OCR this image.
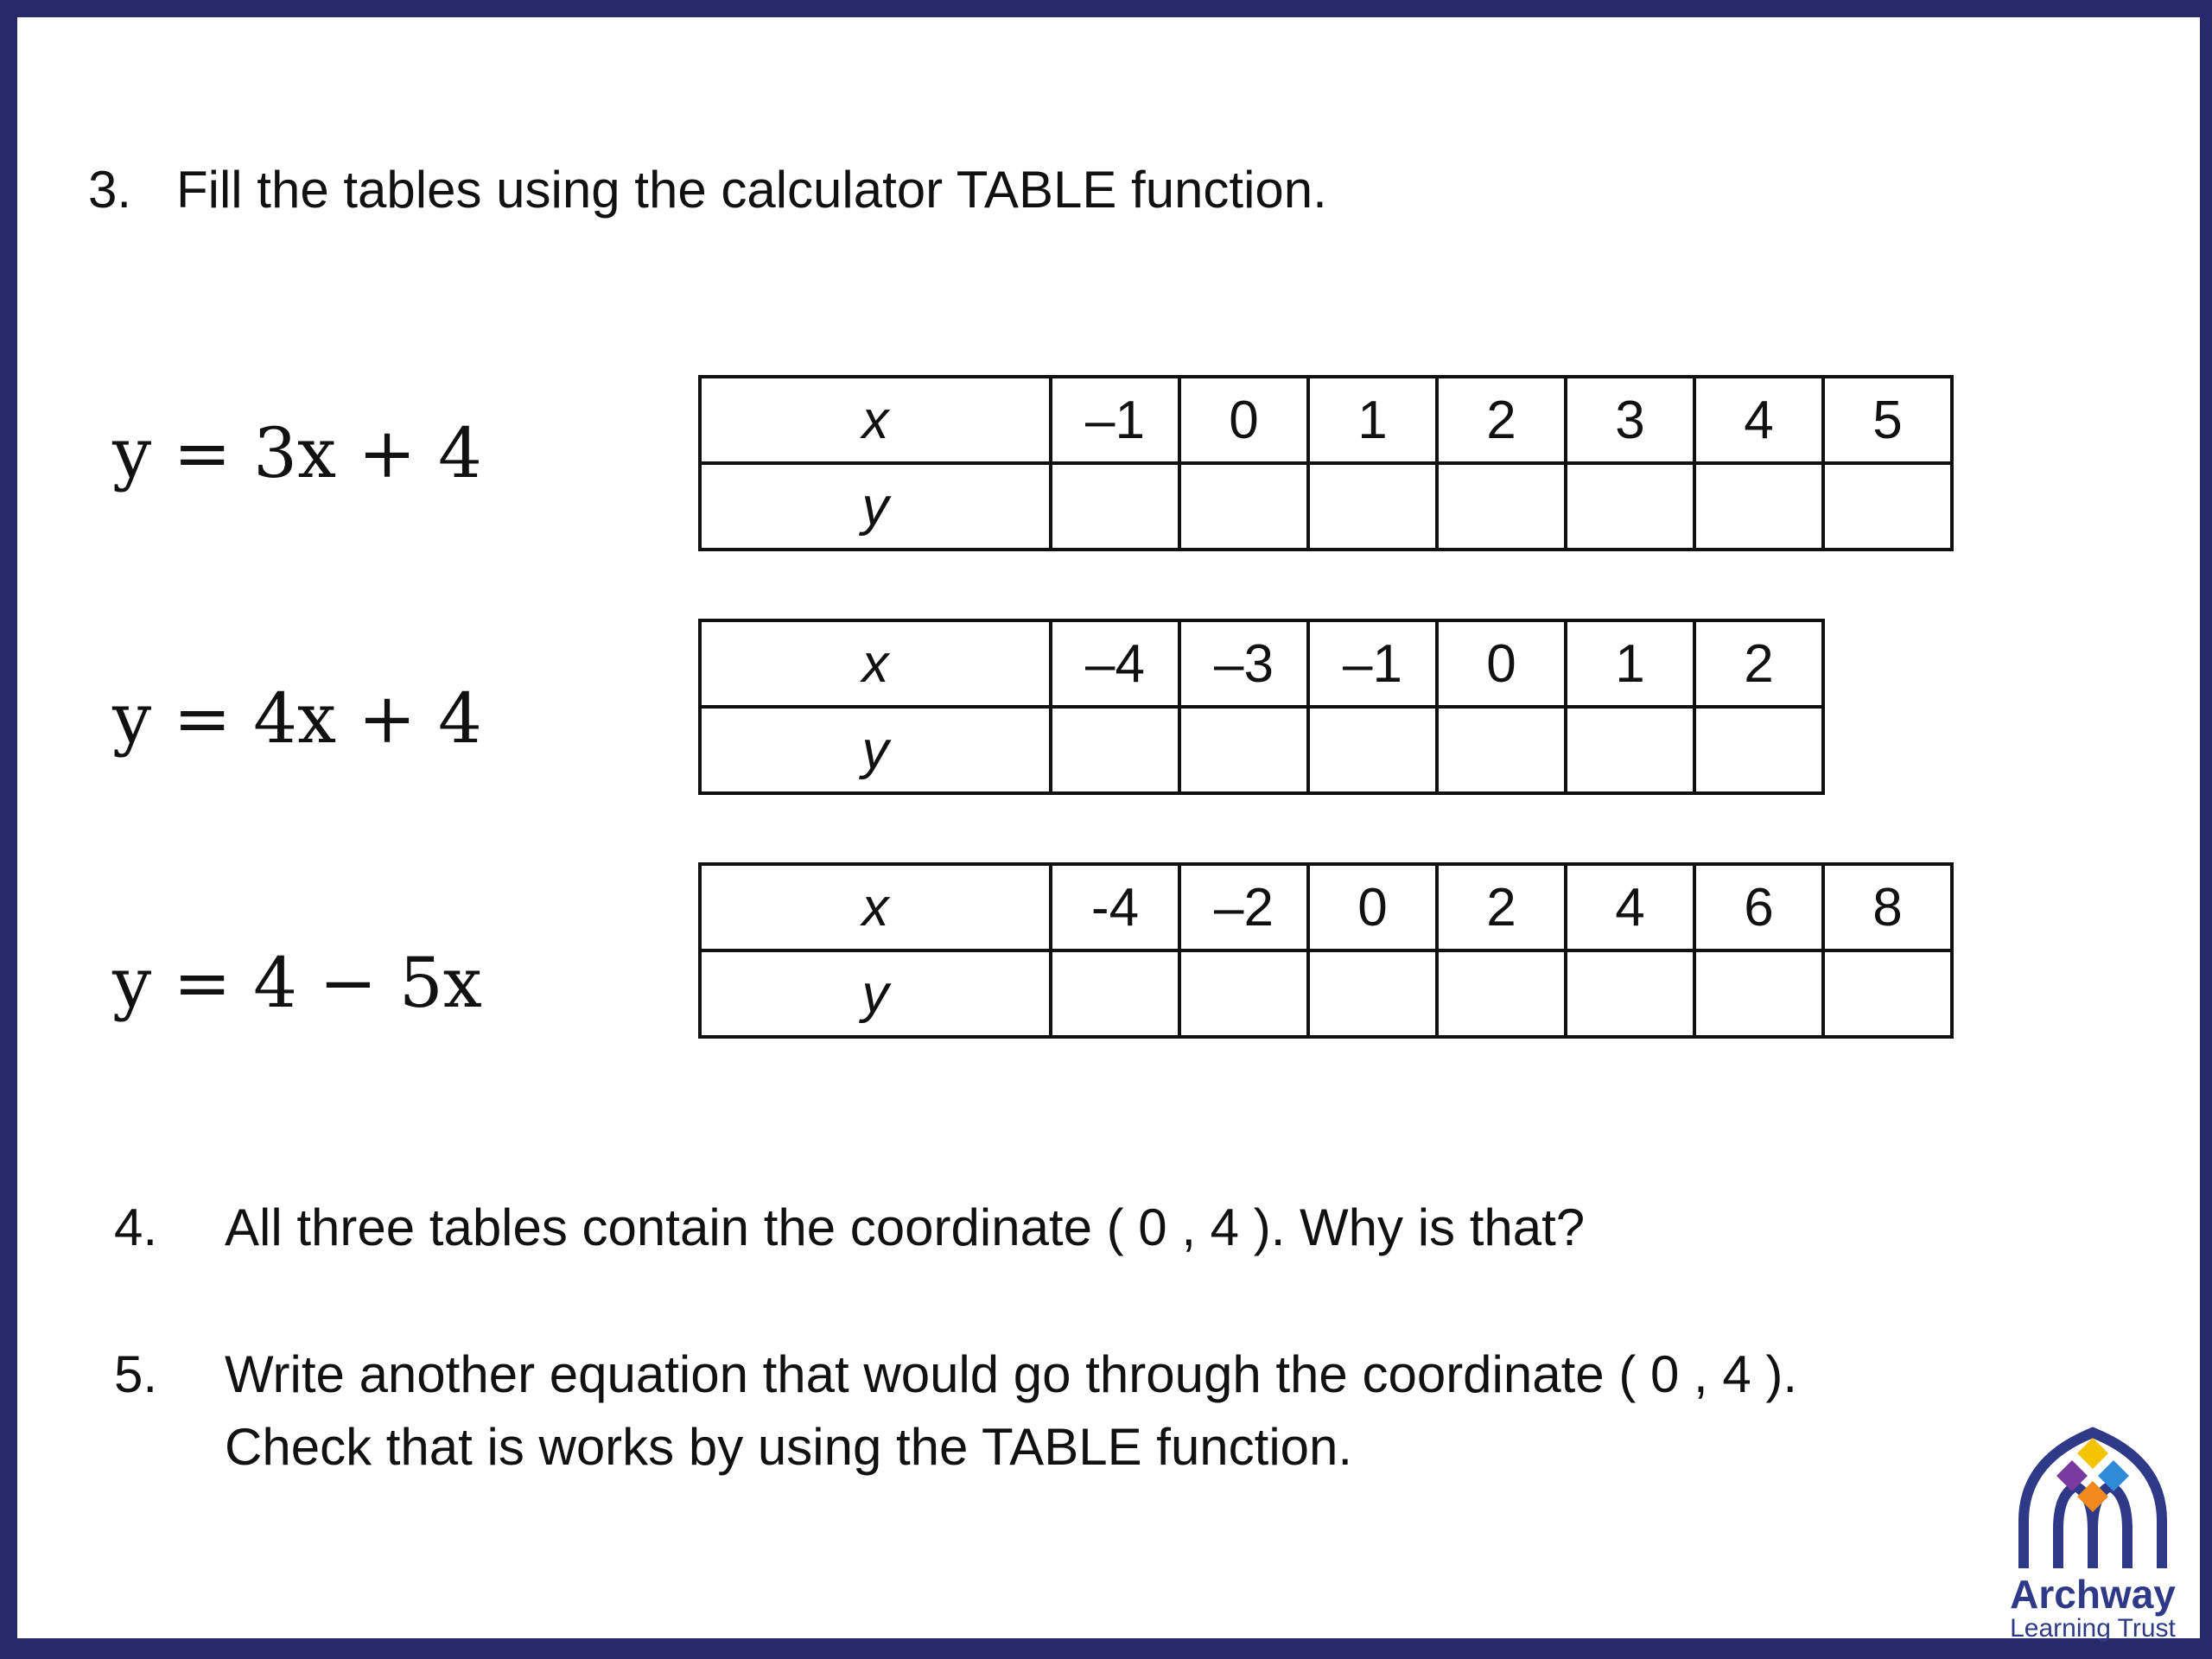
3. Fill the tables using the calculator TABLE function.
y = 3x + 4
y = 4x + 4
y = 4 − 5x
x	–1	0	1	2	3	4	5
y							
x	–4	–3	–1	0	1	2
y						
x	-4	–2	0	2	4	6	8
y							
4. All three tables contain the coordinate ( 0 , 4 ). Why is that?
5. Write another equation that would go through the coordinate ( 0 , 4 ).
Check that is works by using the TABLE function.
Archway
Learning Trust
